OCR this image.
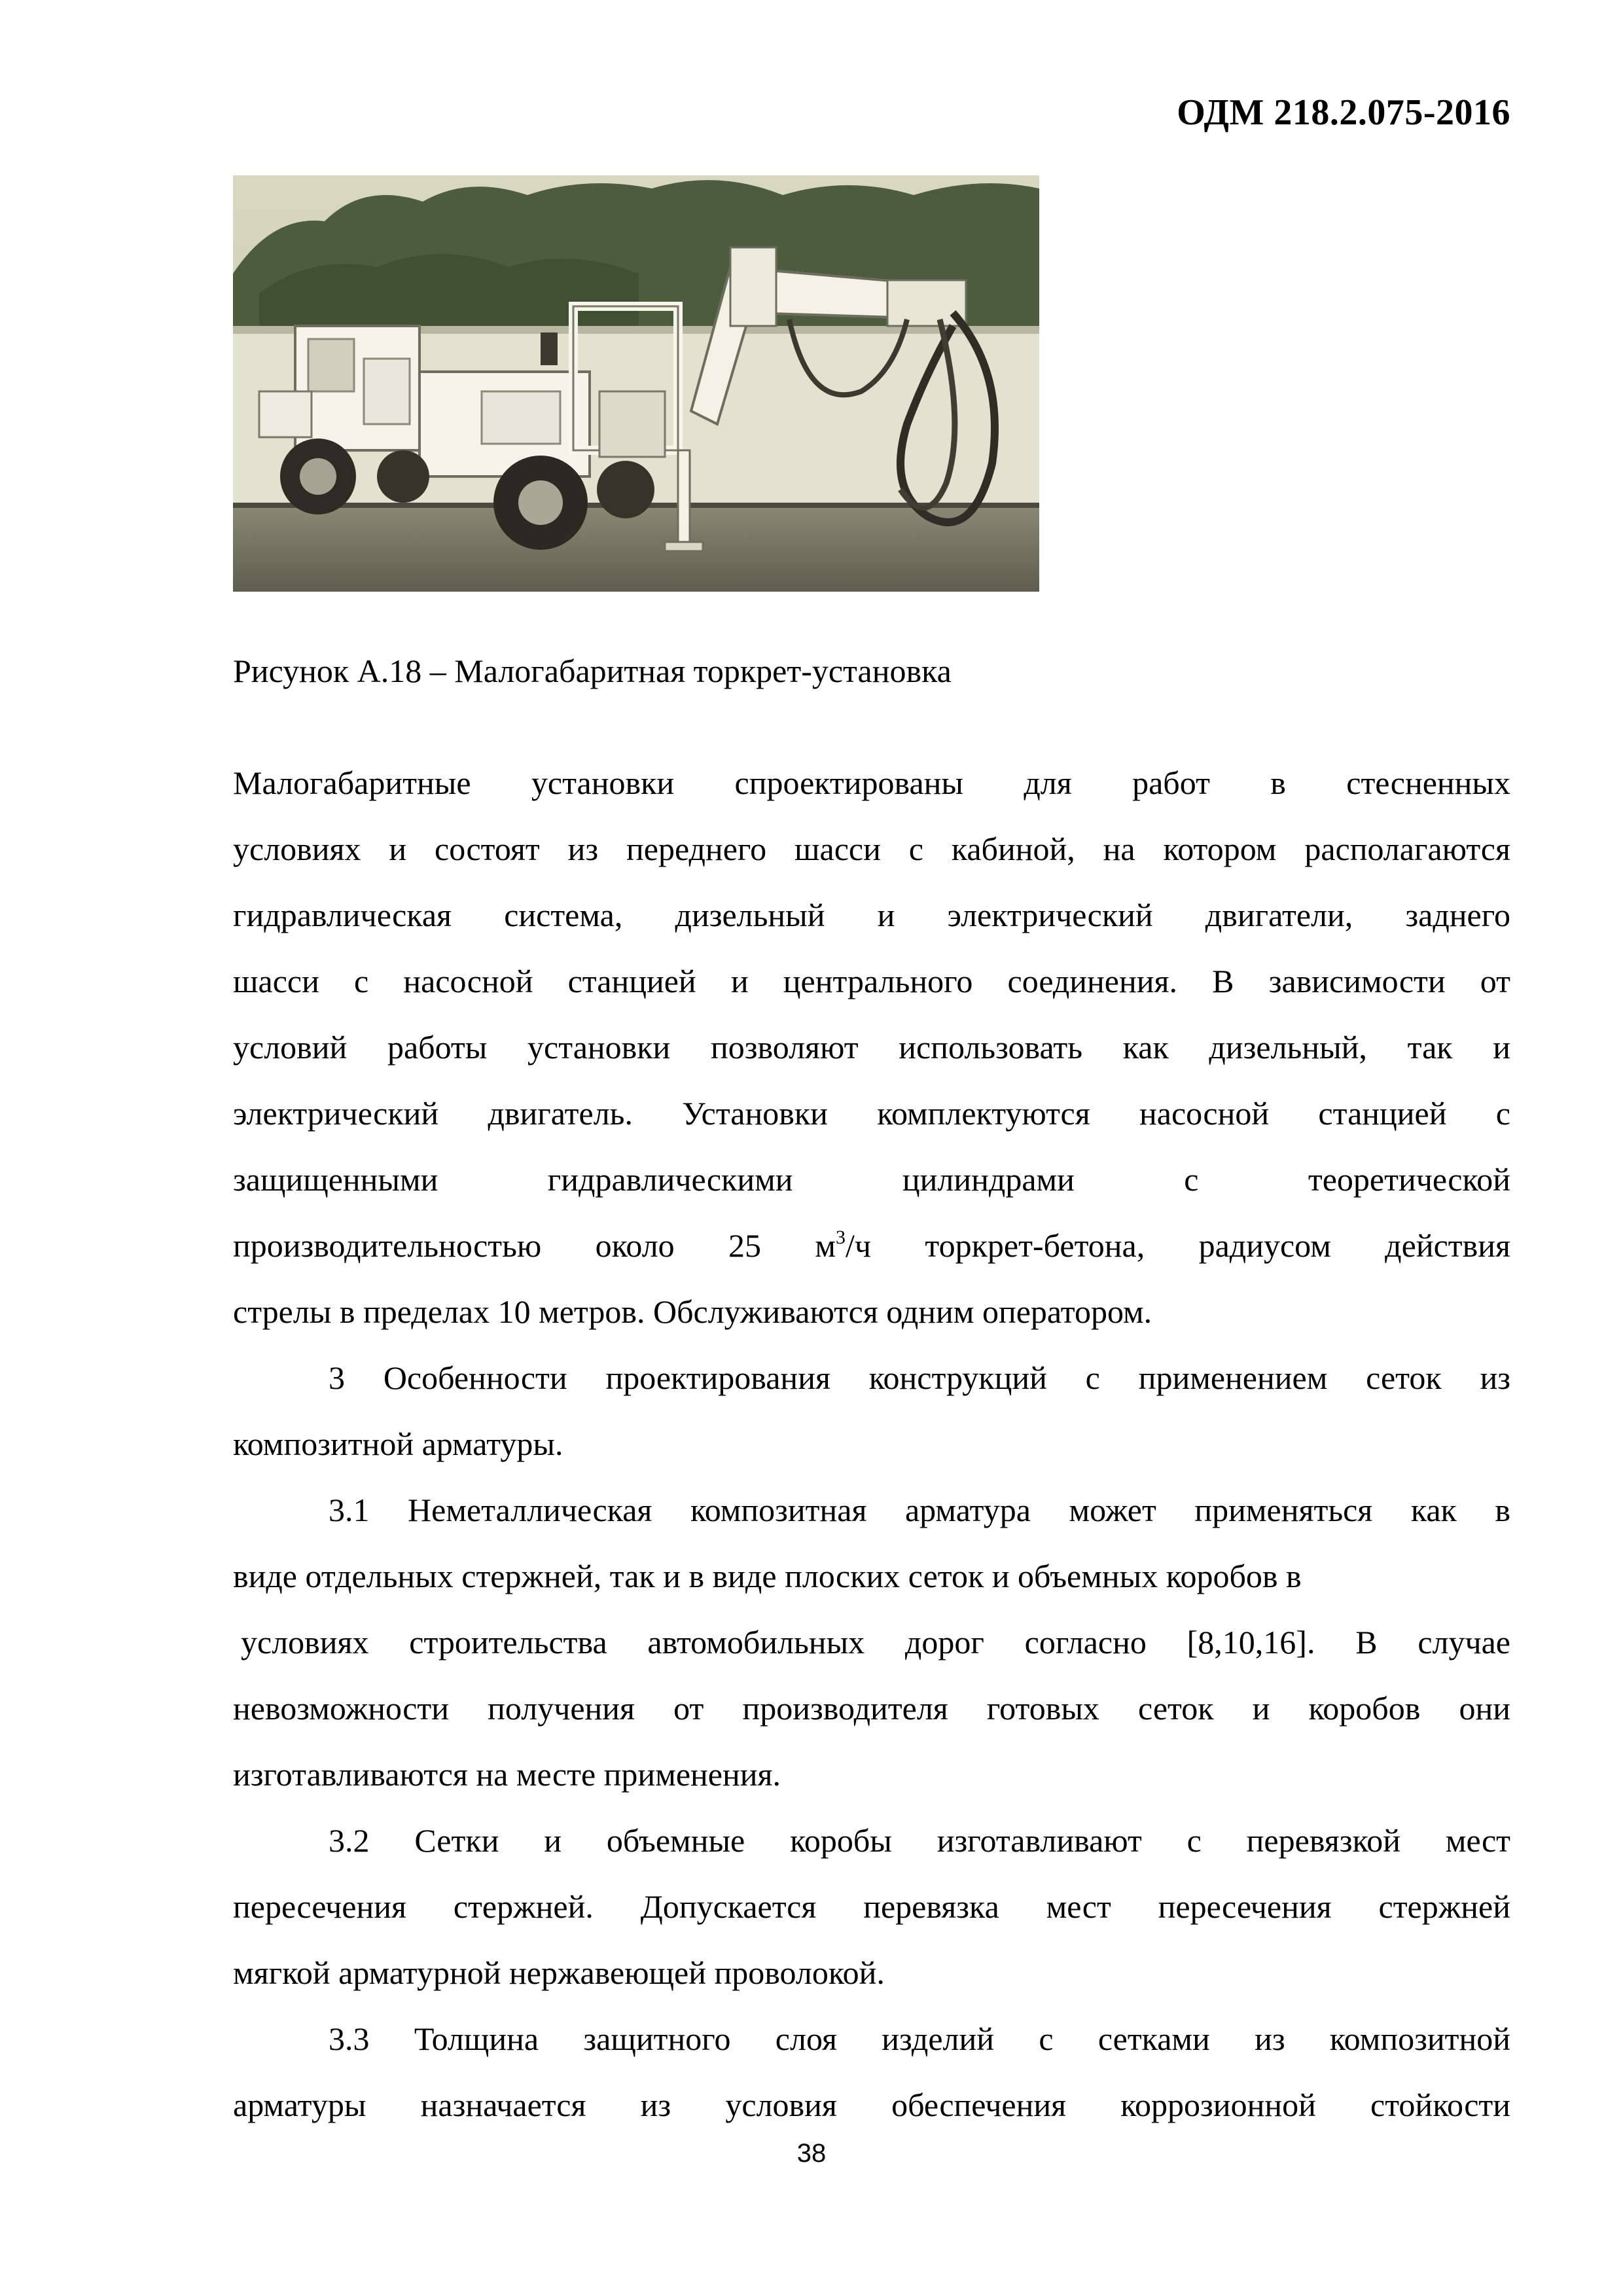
ОДМ 218.2.075-2016
Рисунок А.18 – Малогабаритная торкрет-установка
Малогабаритные установки спроектированы для работ в стесненных
условиях и состоят из переднего шасси с кабиной, на котором располагаются
гидравлическая система, дизельный и электрический двигатели, заднего
шасси с насосной станцией и центрального соединения. В зависимости от
условий работы установки позволяют использовать как дизельный, так и
электрический двигатель. Установки комплектуются насосной станцией с
защищенными гидравлическими цилиндрами с теоретической
производительностью около 25 $м^3/ч$ торкрет-бетона, радиусом действия
стрелы в пределах 10 метров. Обслуживаются одним оператором.
3 Особенности проектирования конструкций с применением сеток из
композитной арматуры.
3.1 Неметаллическая композитная арматура может применяться как в
виде отдельных стержней, так и в виде плоских сеток и объемных коробов в
условиях строительства автомобильных дорог согласно [8,10,16]. В случае
невозможности получения от производителя готовых сеток и коробов они
изготавливаются на месте применения.
3.2 Сетки и объемные коробы изготавливают с перевязкой мест
пересечения стержней. Допускается перевязка мест пересечения стержней
мягкой арматурной нержавеющей проволокой.
3.3 Толщина защитного слоя изделий с сетками из композитной
арматуры назначается из условия обеспечения коррозионной стойкости
38
